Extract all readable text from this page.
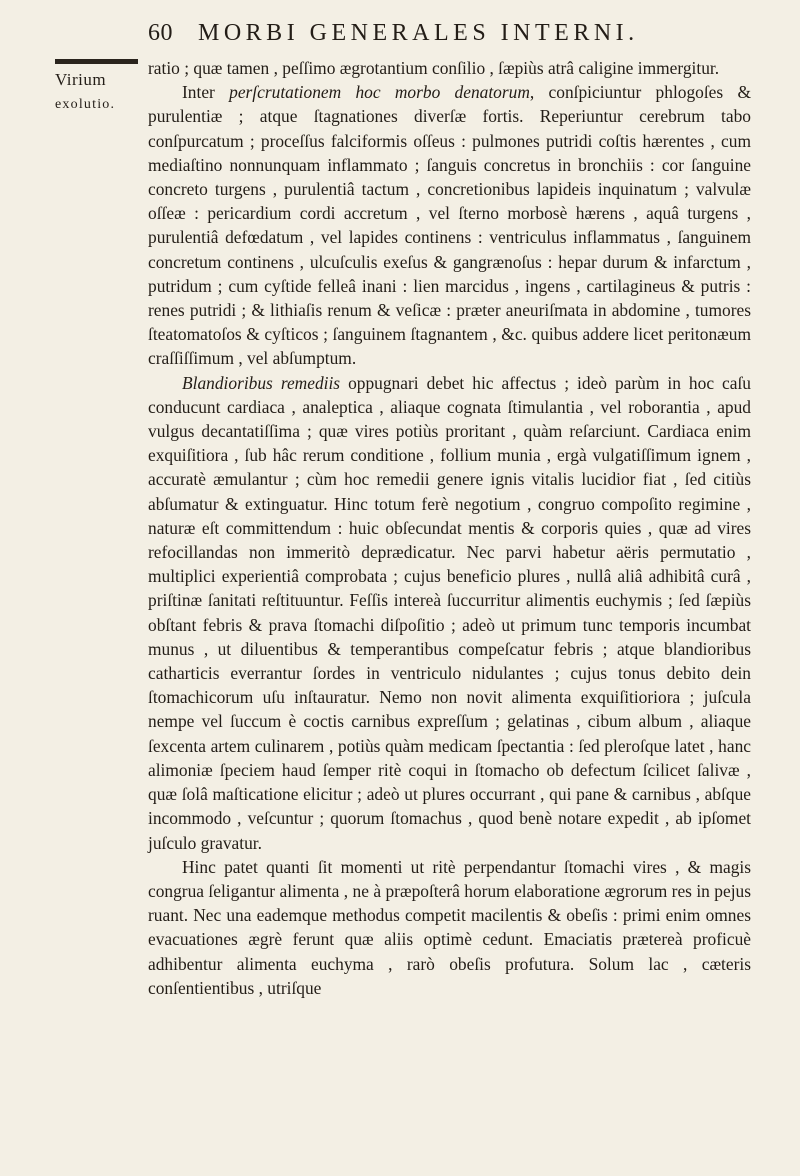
60 MORBI GENERALES INTERNI.
Virium
exolutio.

ratio ; quæ tamen , peſſimo ægrotantium conſilio , ſæpiùs atrâ caligine immergitur.

Inter perſcrutationem hoc morbo denatorum, conſpiciuntur phlogoſes & purulentiæ ; atque ſtagnationes diverſæ fortis. Reperiuntur cerebrum tabo conſpurcatum ; proceſſus falciformis oſſeus : pulmones putridi coſtis hærentes , cum mediaſtino nonnunquam inflammato ; ſanguis concretus in bronchiis : cor ſanguine concreto turgens , purulentiâ tactum , concretionibus lapideis inquinatum ; valvulæ oſſeæ : pericardium cordi accretum , vel ſterno morbosè hærens , aquâ turgens , purulentiâ defœdatum , vel lapides continens : ventriculus inflammatus , ſanguinem concretum continens , ulcuſculis exeſus & gangrænoſus : hepar durum & infarctum , putridum ; cum cyſtide felleâ inani : lien marcidus , ingens , cartilagineus & putris : renes putridi ; & lithiaſis renum & veſicæ : præter aneuriſmata in abdomine , tumores ſteatomatoſos & cyſticos ; ſanguinem ſtagnantem , &c. quibus addere licet peritonæum craſſiſſimum , vel abſumptum.

Blandioribus remediis oppugnari debet hic affectus ; ideò parùm in hoc caſu conducunt cardiaca , analeptica , aliaque cognata ſtimulantia , vel roborantia , apud vulgus decantatiſſima ; quæ vires potiùs proritant , quàm reſarciunt. Cardiaca enim exquiſitiora , ſub hâc rerum conditione , follium munia , ergà vulgatiſſimum ignem , accuratè æmulantur ; cùm hoc remedii genere ignis vitalis lucidior fiat , ſed citiùs abſumatur & extinguatur. Hinc totum ferè negotium , congruo compoſito regimine , naturæ eſt committendum : huic obſecundat mentis & corporis quies , quæ ad vires refocillandas non immeritò deprædicatur. Nec parvi habetur aëris permutatio , multiplici experientiâ comprobata ; cujus beneficio plures , nullâ aliâ adhibitâ curâ , priſtinæ ſanitati reſtituuntur. Feſſis intereà ſuccurritur alimentis euchymis ; ſed ſæpiùs obſtant febris & prava ſtomachi diſpoſitio ; adeò ut primum tunc temporis incumbat munus , ut diluentibus & temperantibus compeſcatur febris ; atque blandioribus catharticis everrantur ſordes in ventriculo nidulantes ; cujus tonus debito dein ſtomachicorum uſu inſtauratur. Nemo non novit alimenta exquiſitioriora ; juſcula nempe vel ſuccum è coctis carnibus expreſſum ; gelatinas , cibum album , aliaque ſexcenta artem culinarem , potiùs quàm medicam ſpectantia : ſed pleroſque latet , hanc alimoniæ ſpeciem haud ſemper ritè coqui in ſtomacho ob defectum ſcilicet ſalivæ , quæ ſolâ maſticatione elicitur ; adeò ut plures occurrant , qui pane & carnibus , abſque incommodo , veſcuntur ; quorum ſtomachus , quod benè notare expedit , ab ipſomet juſculo gravatur.

Hinc patet quanti ſit momenti ut ritè perpendantur ſtomachi vires , & magis congrua ſeligantur alimenta , ne à præpoſterâ horum elaboratione ægrorum res in pejus ruant. Nec una eademque methodus competit macilentis & obeſis : primi enim omnes evacuationes ægrè ferunt quæ aliis optimè cedunt. Emaciatis prætereà proficuè adhibentur alimenta euchyma , rarò obeſis profutura. Solum lac , cæteris conſentientibus , utriſque
